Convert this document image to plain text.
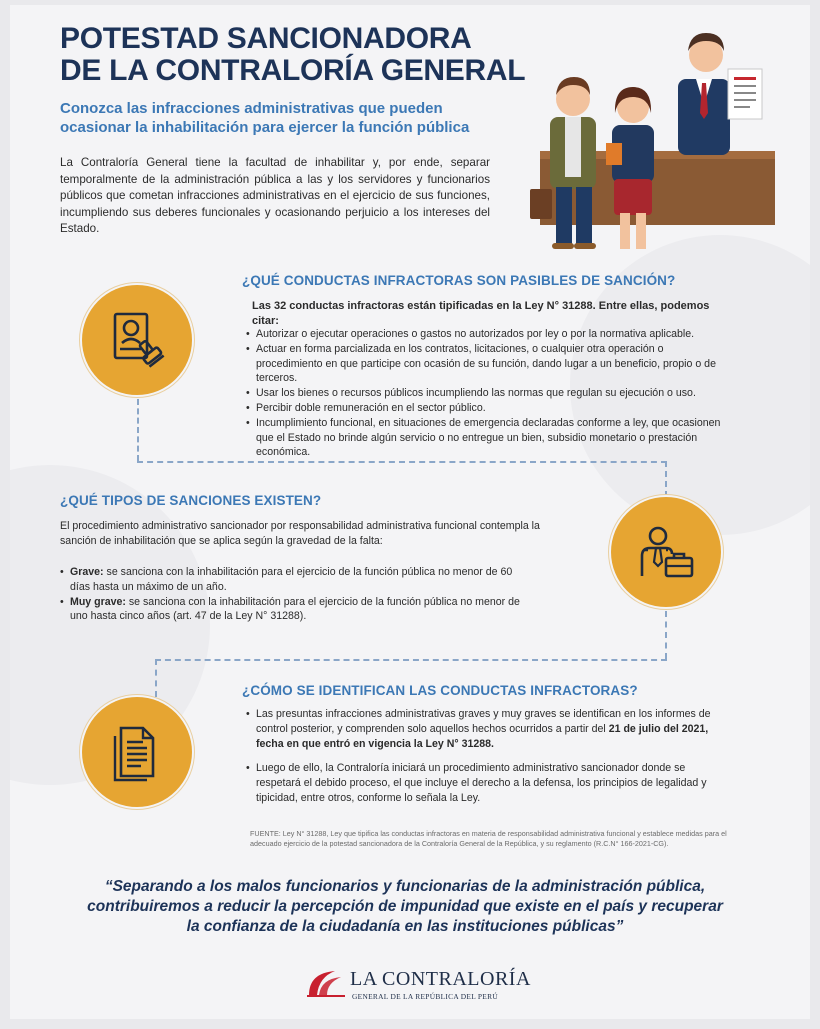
POTESTAD SANCIONADORA
DE LA CONTRALORÍA GENERAL
Conozca las infracciones administrativas que pueden
ocasionar la inhabilitación para ejercer la función pública

La Contraloría General tiene la facultad de inhabilitar y, por ende, separar temporalmente de la administración pública a las y los servidores y funcionarios públicos que cometan infracciones administrativas en el ejercicio de sus funciones, incumpliendo sus deberes funcionales y ocasionando perjuicio a los intereses del Estado.

¿QUÉ CONDUCTAS INFRACTORAS SON PASIBLES DE SANCIÓN?

Las 32 conductas infractoras están tipificadas en la Ley N° 31288. Entre ellas, podemos citar:

• Autorizar o ejecutar operaciones o gastos no autorizados por ley o por la normativa aplicable.
• Actuar en forma parcializada en los contratos, licitaciones, o cualquier otra operación o procedimiento en que participe con ocasión de su función, dando lugar a un beneficio, propio o de terceros.
• Usar los bienes o recursos públicos incumpliendo las normas que regulan su ejecución o uso.
• Percibir doble remuneración en el sector público.
• Incumplimiento funcional, en situaciones de emergencia declaradas conforme a ley, que ocasionen que el Estado no brinde algún servicio o no entregue un bien, subsidio monetario o prestación económica.
¿QUÉ TIPOS DE SANCIONES EXISTEN?

El procedimiento administrativo sancionador por responsabilidad administrativa funcional contempla la sanción de inhabilitación que se aplica según la gravedad de la falta:

• Grave: se sanciona con la inhabilitación para el ejercicio de la función pública no menor de 60 días hasta un máximo de un año.
• Muy grave: se sanciona con la inhabilitación para el ejercicio de la función pública no menor de uno hasta cinco años (art. 47 de la Ley N° 31288).
¿CÓMO SE IDENTIFICAN LAS CONDUCTAS INFRACTORAS?
• Las presuntas infracciones administrativas graves y muy graves se identifican en los informes de control posterior, y comprenden solo aquellos hechos ocurridos a partir del 21 de julio del 2021, fecha en que entró en vigencia la Ley N° 31288.
• Luego de ello, la Contraloría iniciará un procedimiento administrativo sancionador donde se respetará el debido proceso, el que incluye el derecho a la defensa, los principios de legalidad y tipicidad, entre otros, conforme lo señala la Ley.

FUENTE: Ley N° 31288, Ley que tipifica las conductas infractoras en materia de responsabilidad administrativa funcional y establece medidas para el adecuado ejercicio de la potestad sancionadora de la Contraloría General de la República, y su reglamento (R.C.N° 166-2021-CG).

“Separando a los malos funcionarios y funcionarias de la administración pública, contribuiremos a reducir la percepción de impunidad que existe en el país y recuperar la confianza de la ciudadanía en las instituciones públicas”

LA CONTRALORÍA
GENERAL DE LA REPÚBLICA DEL PERÚ
